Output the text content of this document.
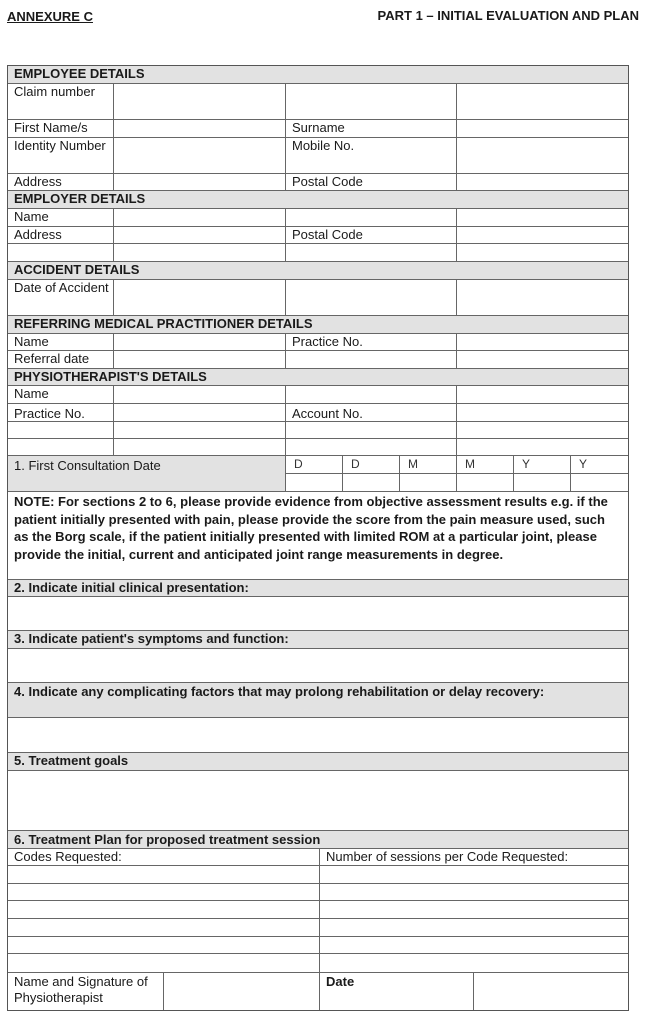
ANNEXURE C	PART 1 – INITIAL EVALUATION AND PLAN
EMPLOYEE DETAILS
Claim number
First Name/s	Surname
Identity Number	Mobile No.
Address	Postal Code
EMPLOYER DETAILS
Name
Address	Postal Code
ACCIDENT DETAILS
Date of Accident
REFERRING MEDICAL PRACTITIONER DETAILS
Name	Practice No.
Referral date
PHYSIOTHERAPIST'S DETAILS
Name
Practice No.	Account No.
1. First Consultation Date	D	D	M	M	Y	Y
NOTE: For sections 2 to 6, please provide evidence from objective assessment results e.g. if the patient initially presented with pain, please provide the score from the pain measure used, such as the Borg scale, if the patient initially presented with limited ROM at a particular joint, please provide the initial, current and anticipated joint range measurements in degree.
2. Indicate initial clinical presentation:
3. Indicate patient's symptoms and function:
4. Indicate any complicating factors that may prolong rehabilitation or delay recovery:
5. Treatment goals
6. Treatment Plan for proposed treatment session
Codes Requested:	Number of sessions per Code Requested:
Name and Signature of Physiotherapist
Date
